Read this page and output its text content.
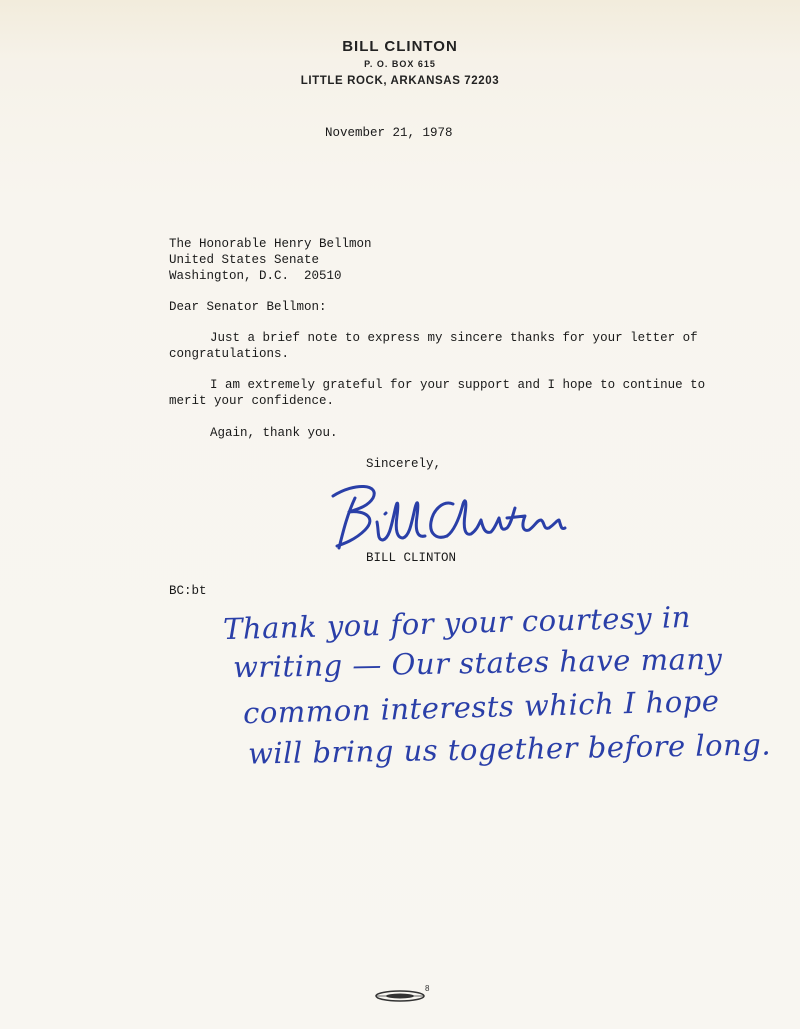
BILL CLINTON
P. O. BOX 615
LITTLE ROCK, ARKANSAS 72203
November 21, 1978
The Honorable Henry Bellmon
United States Senate
Washington, D.C.  20510
Dear Senator Bellmon:
Just a brief note to express my sincere thanks for your letter of
congratulations.
I am extremely grateful for your support and I hope to continue to
merit your confidence.
Again, thank you.
Sincerely,
BILL CLINTON
BC:bt
Thank you for your courtesy in
writing — Our states have many
common interests which I hope
will bring us together before long.
8
